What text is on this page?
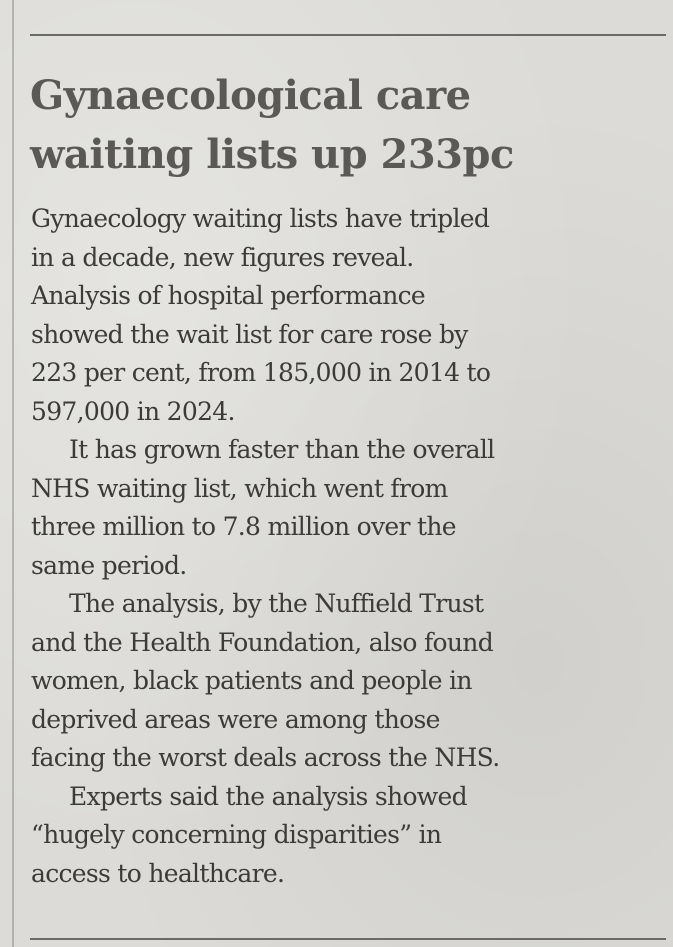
Gynaecological care
waiting lists up 233pc
Gynaecology waiting lists have tripled
in a decade, new figures reveal.
Analysis of hospital performance
showed the wait list for care rose by
223 per cent, from 185,000 in 2014 to
597,000 in 2024.
It has grown faster than the overall
NHS waiting list, which went from
three million to 7.8 million over the
same period.
The analysis, by the Nuffield Trust
and the Health Foundation, also found
women, black patients and people in
deprived areas were among those
facing the worst deals across the NHS.
Experts said the analysis showed
“hugely concerning disparities” in
access to healthcare.
